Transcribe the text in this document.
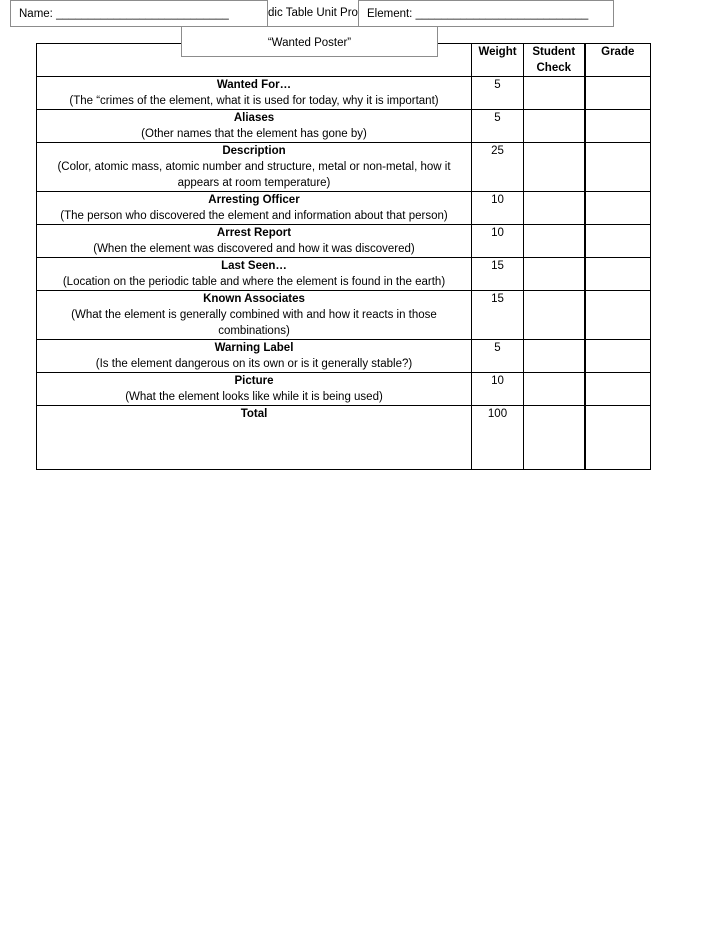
Name: ___________________________	dic Table Unit Pro Element: ___________________________
	Weight	Student Check	Grade

Wanted For…
(The “crimes of the element, what it is used for today, why it is important)	5		

Aliases
(Other names that the element has gone by)	5		

Description
(Color, atomic mass, atomic number and structure, metal or non-metal, how it appears at room temperature)	25		

Arresting Officer
(The person who discovered the element and information about that person)	10		

Arrest Report
(When the element was discovered and how it was discovered)	10		

Last Seen…
(Location on the periodic table and where the element is found in the earth)	15		

Known Associates
(What the element is generally combined with and how it reacts in those combinations)	15		

Warning Label
(Is the element dangerous on its own or is it generally stable?)	5		

Picture
(What the element looks like while it is being used)	10		
Total	100		
“Wanted Poster”
